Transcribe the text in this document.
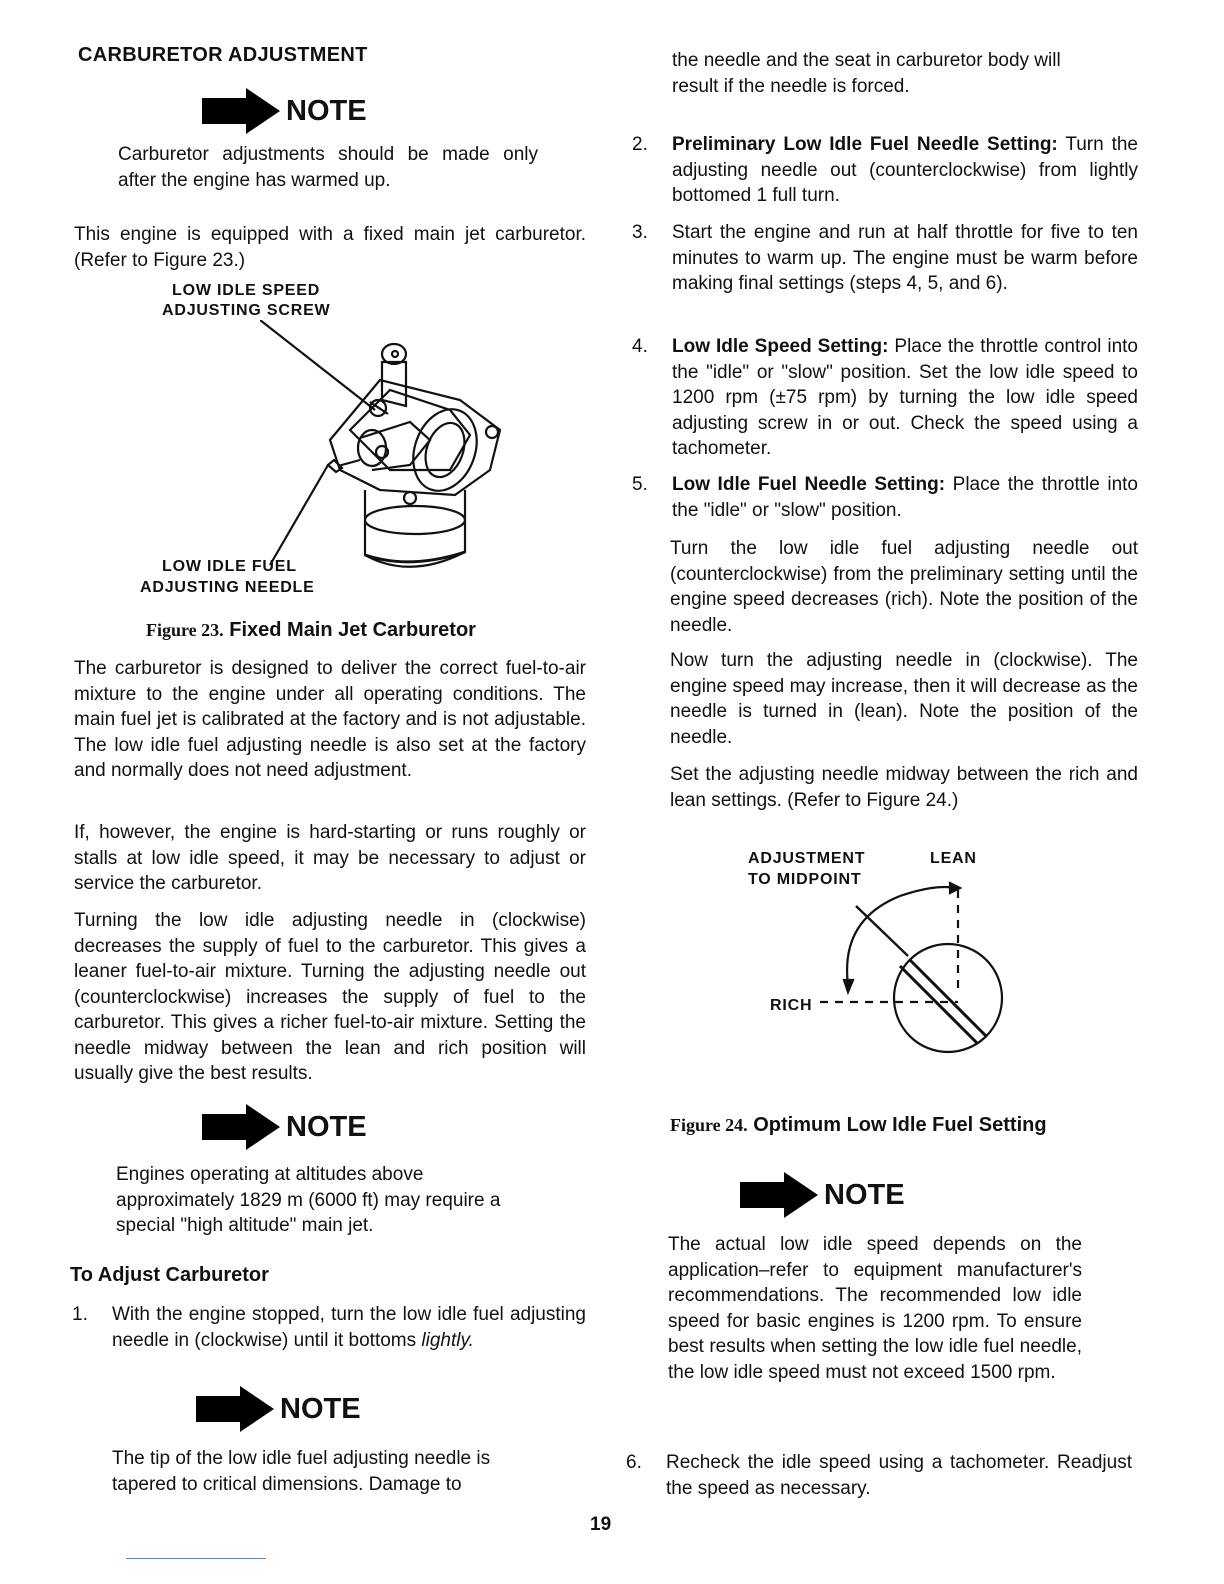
CARBURETOR ADJUSTMENT
NOTE

Carburetor adjustments should be made only after the engine has warmed up.

This engine is equipped with a fixed main jet carburetor. (Refer to Figure 23.)

LOW IDLE SPEED
ADJUSTING SCREW
LOW IDLE FUEL
ADJUSTING NEEDLE
Figure 23. Fixed Main Jet Carburetor

The carburetor is designed to deliver the correct fuel-to-air mixture to the engine under all operating conditions. The main fuel jet is calibrated at the factory and is not adjustable. The low idle fuel adjusting needle is also set at the factory and normally does not need adjustment.

If, however, the engine is hard-starting or runs roughly or stalls at low idle speed, it may be necessary to adjust or service the carburetor.

Turning the low idle adjusting needle in (clockwise) decreases the supply of fuel to the carburetor. This gives a leaner fuel-to-air mixture. Turning the adjusting needle out (counterclockwise) increases the supply of fuel to the carburetor. This gives a richer fuel-to-air mixture. Setting the needle midway between the lean and rich position will usually give the best results.

NOTE

Engines operating at altitudes above approximately 1829 m (6000 ft) may require a special "high altitude" main jet.

To Adjust Carburetor
1. With the engine stopped, turn the low idle fuel adjusting needle in (clockwise) until it bottoms lightly.

NOTE

The tip of the low idle fuel adjusting needle is tapered to critical dimensions. Damage to

the needle and the seat in carburetor body will result if the needle is forced.

2. Preliminary Low Idle Fuel Needle Setting: Turn the adjusting needle out (counterclockwise) from lightly bottomed 1 full turn.

3. Start the engine and run at half throttle for five to ten minutes to warm up. The engine must be warm before making final settings (steps 4, 5, and 6).

4. Low Idle Speed Setting: Place the throttle control into the "idle" or "slow" position. Set the low idle speed to 1200 rpm (±75 rpm) by turning the low idle speed adjusting screw in or out. Check the speed using a tachometer.

5. Low Idle Fuel Needle Setting: Place the throttle into the "idle" or "slow" position.

Turn the low idle fuel adjusting needle out (counterclockwise) from the preliminary setting until the engine speed decreases (rich). Note the position of the needle.

Now turn the adjusting needle in (clockwise). The engine speed may increase, then it will decrease as the needle is turned in (lean). Note the position of the needle.

Set the adjusting needle midway between the rich and lean settings. (Refer to Figure 24.)

ADJUSTMENT
TO MIDPOINT
LEAN
RICH
Figure 24. Optimum Low Idle Fuel Setting
NOTE

The actual low idle speed depends on the application–refer to equipment manufacturer's recommendations. The recommended low idle speed for basic engines is 1200 rpm. To ensure best results when setting the low idle fuel needle, the low idle speed must not exceed 1500 rpm.

6. Recheck the idle speed using a tachometer. Readjust the speed as necessary.

19
